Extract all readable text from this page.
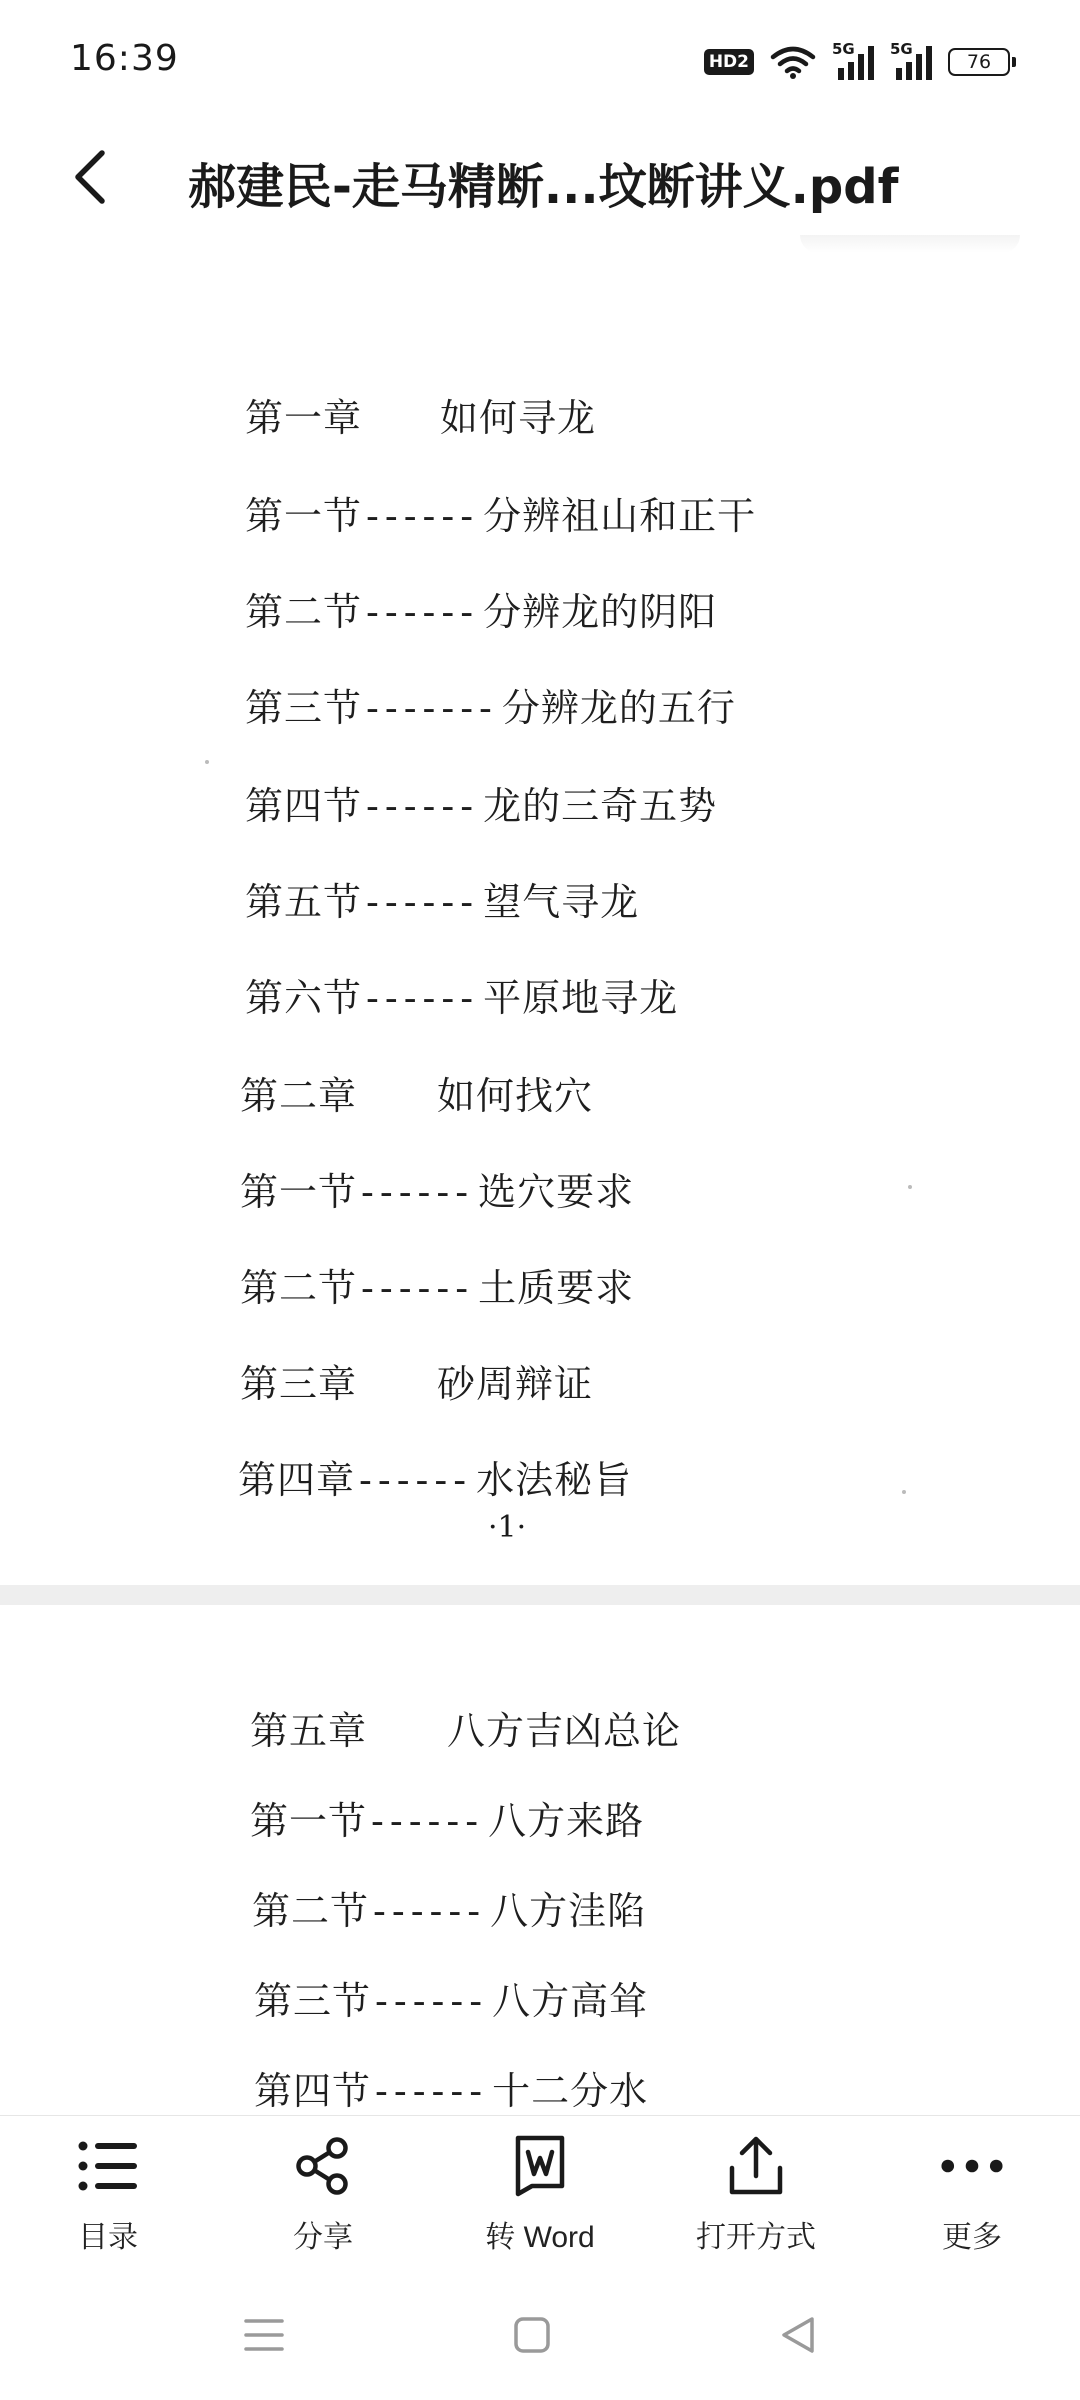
16:39	HD2
5G 5G
76
郝建民-走马精断...坟断讲义.pdf
第一章 如何寻龙
第一节 ------ 分辨祖山和正干
第二节 ------ 分辨龙的阴阳
第三节 ------- 分辨龙的五行
第四节 ------ 龙的三奇五势
第五节 ------ 望气寻龙
第六节 ------ 平原地寻龙
第二章 如何找穴
第一节 ------ 选穴要求
第二节 ------ 土质要求
第三章 砂周辩证
第四章 ------ 水法秘旨
·1·
第五章 八方吉凶总论
第一节 ------ 八方来路
第二节 ------ 八方洼陷
第三节 ------ 八方高耸
第四节 ------ 十二分水
目录	分享	转 Word	打开方式	更多
